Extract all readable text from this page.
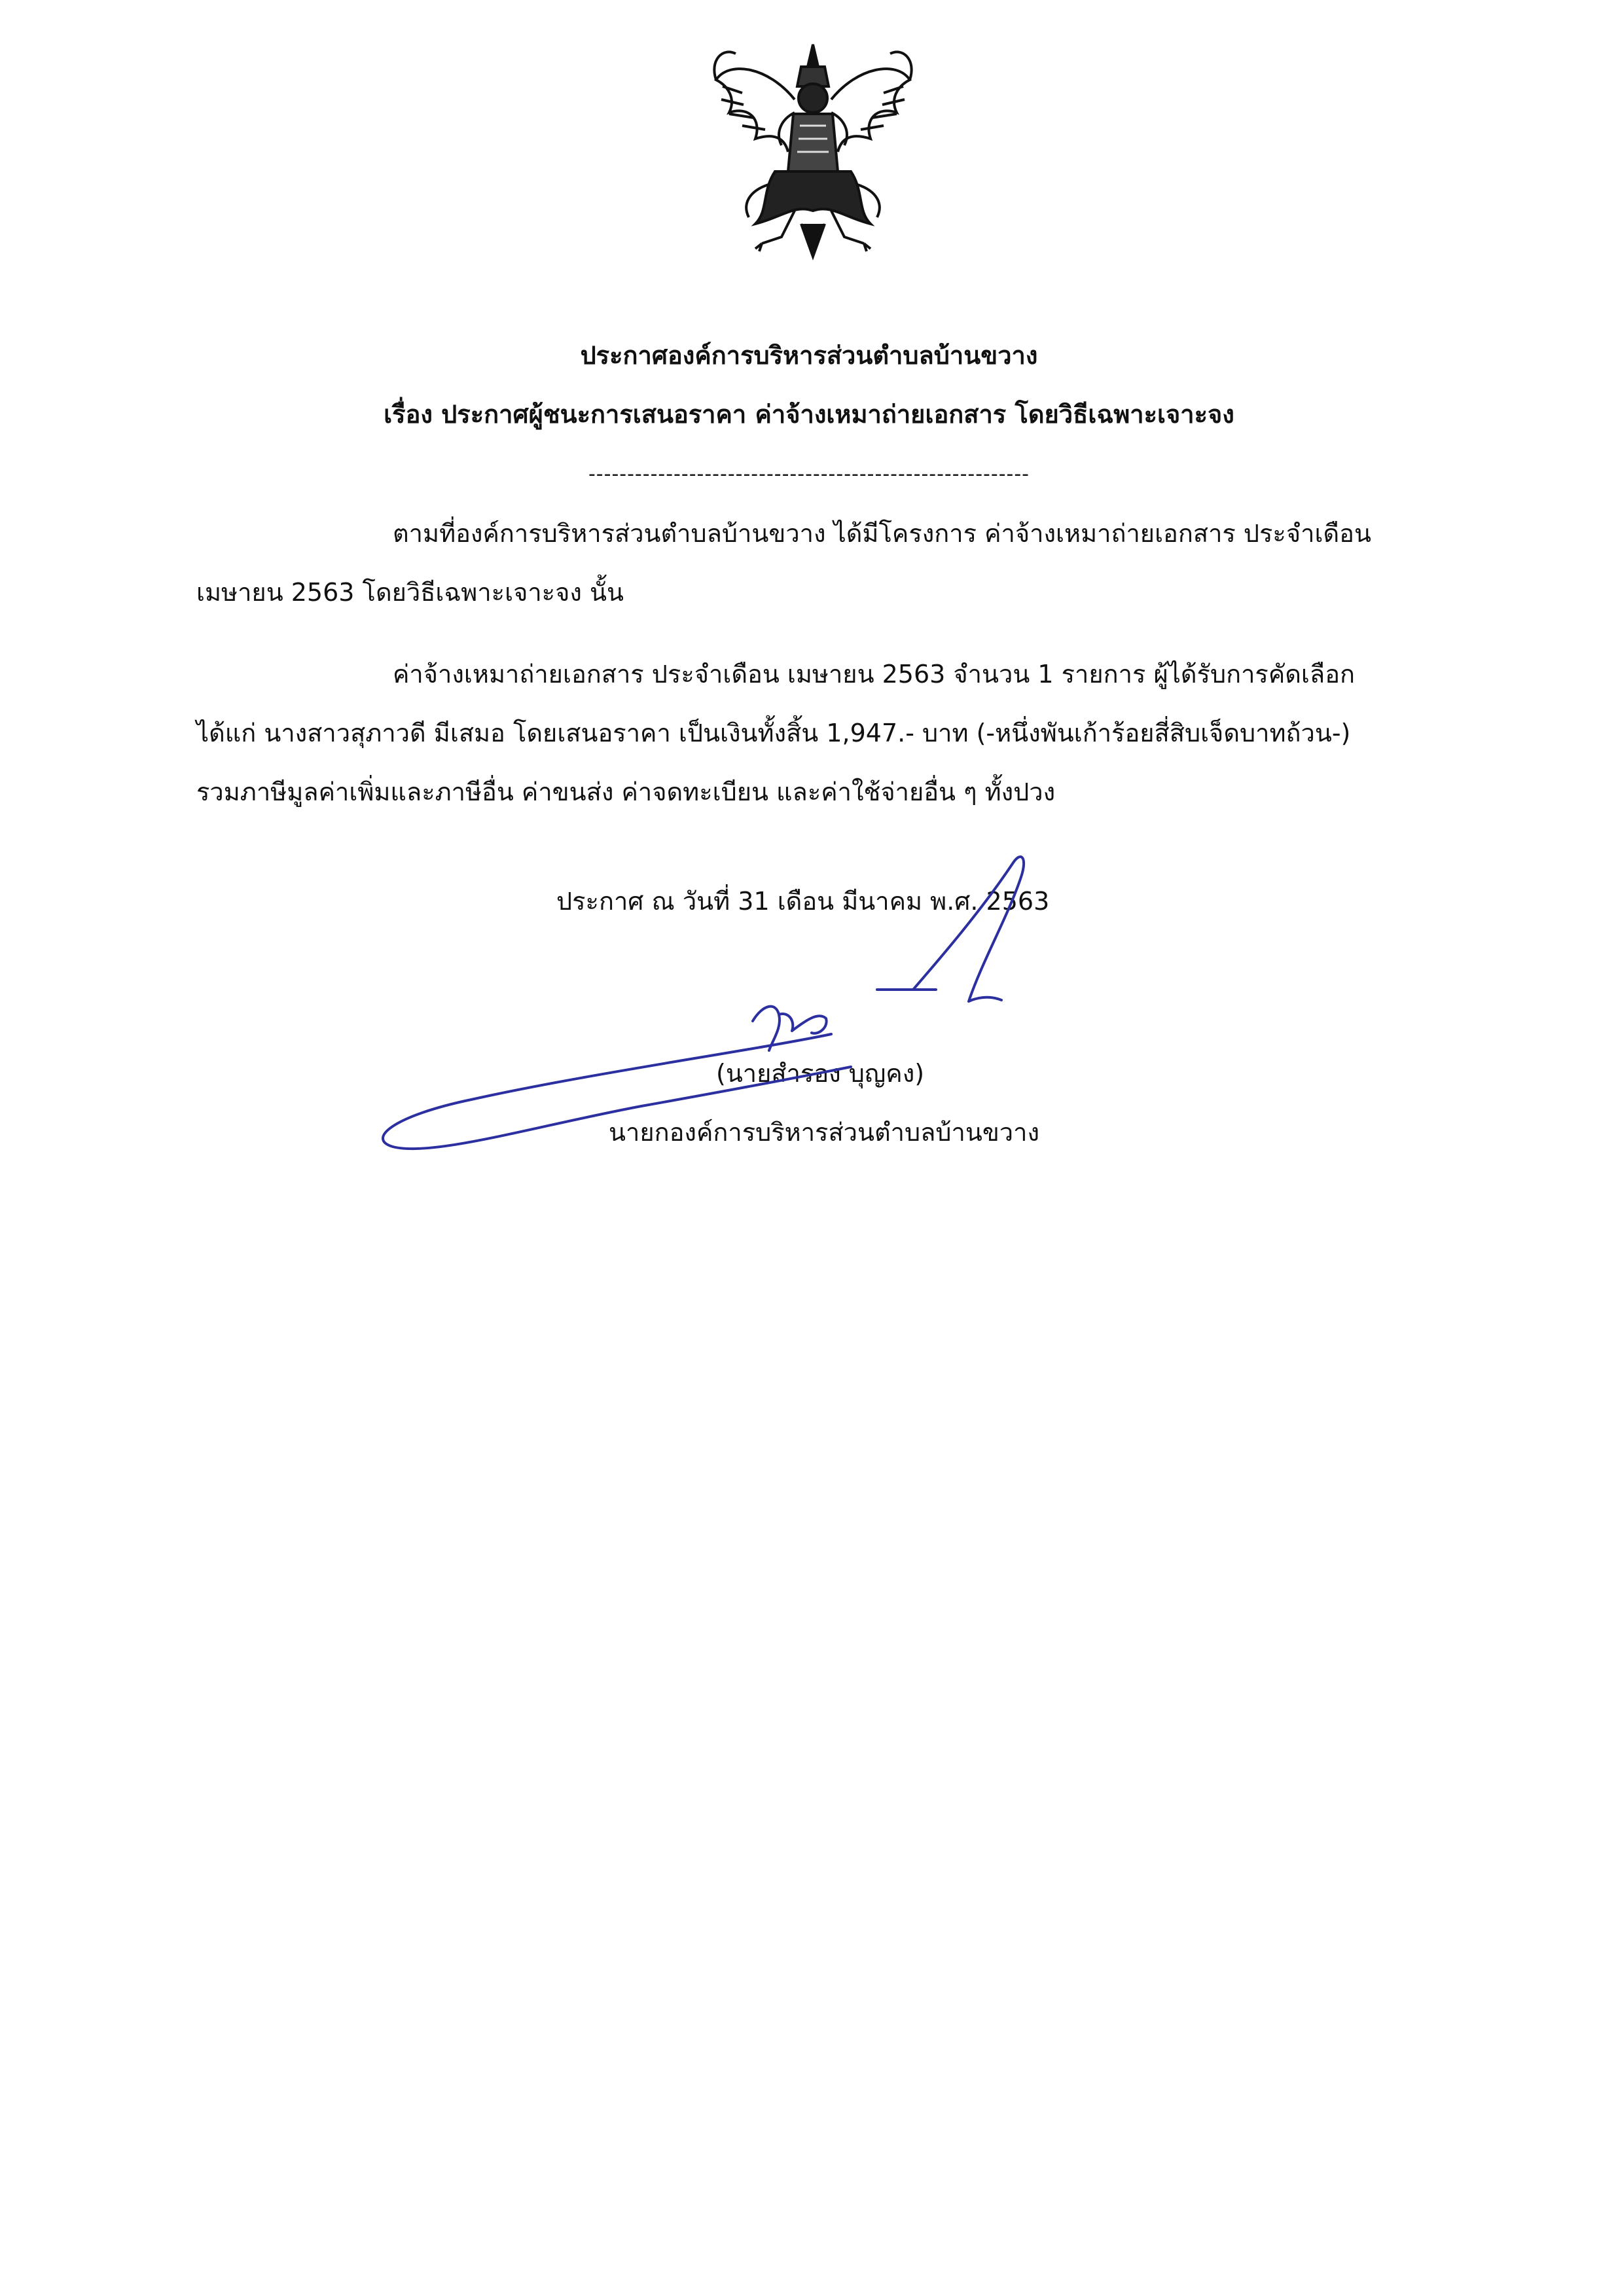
ประกาศองค์การบริหารส่วนตำบลบ้านขวาง
เรื่อง ประกาศผู้ชนะการเสนอราคา ค่าจ้างเหมาถ่ายเอกสาร โดยวิธีเฉพาะเจาะจง
---------------------------------------------------------
ตามที่องค์การบริหารส่วนตำบลบ้านขวาง ได้มีโครงการ ค่าจ้างเหมาถ่ายเอกสาร ประจำเดือน
เมษายน 2563 โดยวิธีเฉพาะเจาะจง นั้น
ค่าจ้างเหมาถ่ายเอกสาร ประจำเดือน เมษายน 2563 จำนวน 1 รายการ ผู้ได้รับการคัดเลือก
ได้แก่ นางสาวสุภาวดี มีเสมอ โดยเสนอราคา เป็นเงินทั้งสิ้น 1,947.- บาท (-หนึ่งพันเก้าร้อยสี่สิบเจ็ดบาทถ้วน-)
รวมภาษีมูลค่าเพิ่มและภาษีอื่น ค่าขนส่ง ค่าจดทะเบียน และค่าใช้จ่ายอื่น ๆ ทั้งปวง
ประกาศ ณ วันที่ 31 เดือน มีนาคม พ.ศ. 2563
(นายสำรอง บุญคง)
นายกองค์การบริหารส่วนตำบลบ้านขวาง
